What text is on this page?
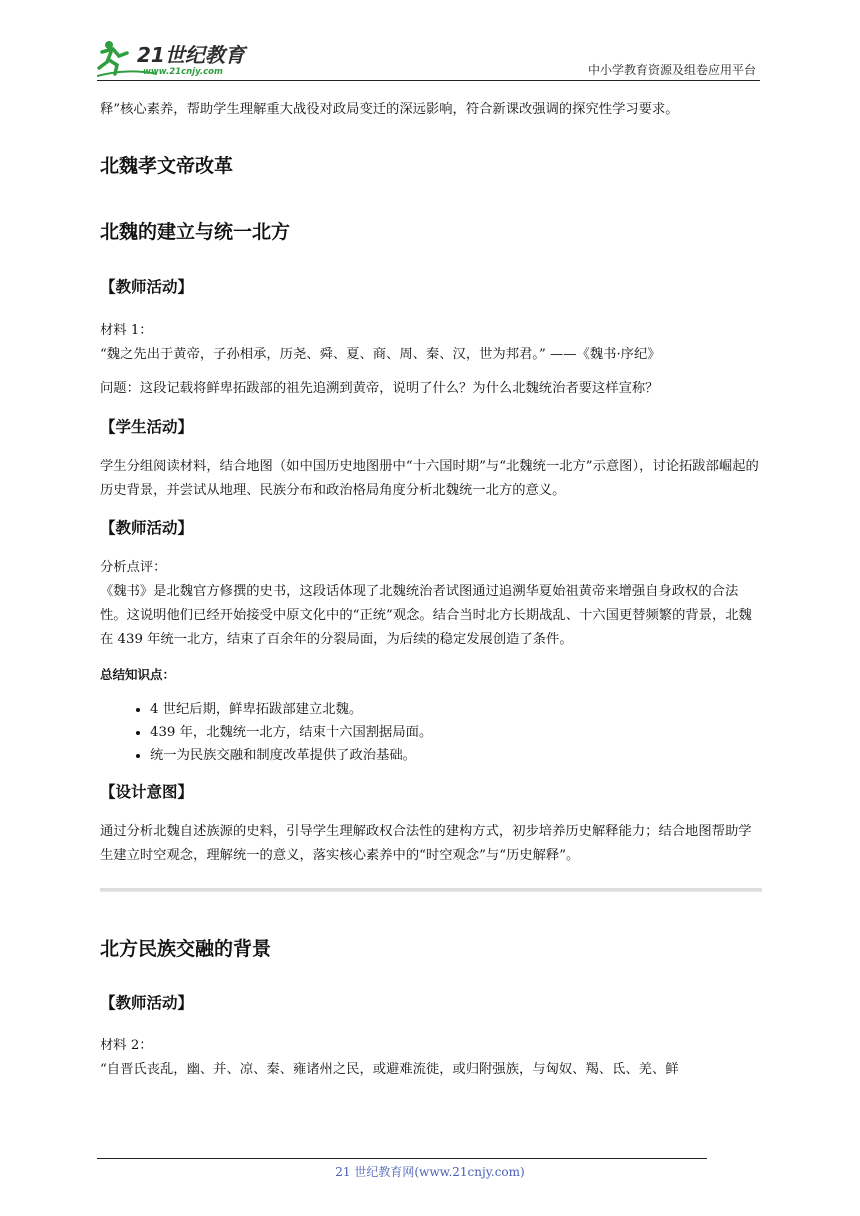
21世纪教育
www.21cnjy.com	中小学教育资源及组卷应用平台

释”核心素养，帮助学生理解重大战役对政局变迁的深远影响，符合新课改强调的探究性学习要求。

北魏孝文帝改革
北魏的建立与统一北方
【教师活动】

材料 1：

“魏之先出于黄帝，子孙相承，历尧、舜、夏、商、周、秦、汉，世为邦君。” ——《魏书·序纪》

问题：这段记载将鲜卑拓跋部的祖先追溯到黄帝，说明了什么？为什么北魏统治者要这样宣称？

【学生活动】

学生分组阅读材料，结合地图（如中国历史地图册中“十六国时期”与“北魏统一北方”示意图），讨论拓跋部崛起的历史背景，并尝试从地理、民族分布和政治格局角度分析北魏统一北方的意义。

【教师活动】

分析点评：

《魏书》是北魏官方修撰的史书，这段话体现了北魏统治者试图通过追溯华夏始祖黄帝来增强自身政权的合法性。这说明他们已经开始接受中原文化中的“正统”观念。结合当时北方长期战乱、十六国更替频繁的背景，北魏在 439 年统一北方，结束了百余年的分裂局面，为后续的稳定发展创造了条件。

总结知识点：
• 4 世纪后期，鲜卑拓跋部建立北魏。
• 439 年，北魏统一北方，结束十六国割据局面。
• 统一为民族交融和制度改革提供了政治基础。
【设计意图】

通过分析北魏自述族源的史料，引导学生理解政权合法性的建构方式，初步培养历史解释能力；结合地图帮助学生建立时空观念，理解统一的意义，落实核心素养中的“时空观念”与“历史解释”。

北方民族交融的背景
【教师活动】

材料 2：

“自晋氏丧乱，幽、并、凉、秦、雍诸州之民，或避难流徙，或归附强族，与匈奴、羯、氐、羌、鲜

21 世纪教育网(www.21cnjy.com)
